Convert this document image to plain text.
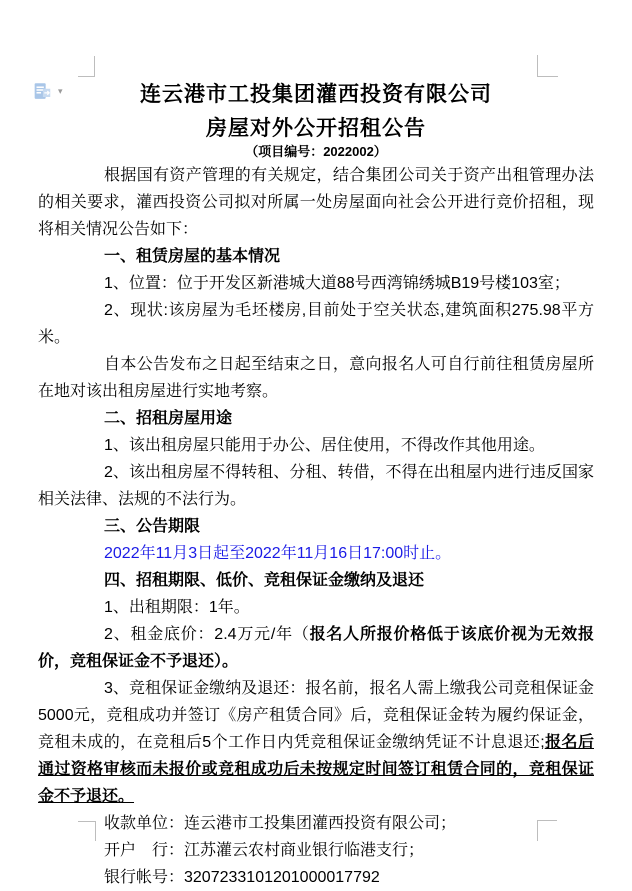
▾	连云港市工投集团灌西投资有限公司
房屋对外公开招租公告
（项目编号：2022002）

根据国有资产管理的有关规定，结合集团公司关于资产出租管理办法的相关要求，灌西投资公司拟对所属一处房屋面向社会公开进行竞价招租，现将相关情况公告如下：

一、租赁房屋的基本情况

1、位置：位于开发区新港城大道88号西湾锦绣城B19号楼103室；

2、现状:该房屋为毛坯楼房,目前处于空关状态,建筑面积275.98平方米。

自本公告发布之日起至结束之日，意向报名人可自行前往租赁房屋所在地对该出租房屋进行实地考察。

二、招租房屋用途

1、该出租房屋只能用于办公、居住使用，不得改作其他用途。

2、该出租房屋不得转租、分租、转借，不得在出租屋内进行违反国家相关法律、法规的不法行为。

三、公告期限

2022年11月3日起至2022年11月16日17:00时止。

四、招租期限、低价、竞租保证金缴纳及退还

1、出租期限：1年。

2、租金底价：2.4万元/年（报名人所报价格低于该底价视为无效报价，竞租保证金不予退还）。

3、竞租保证金缴纳及退还：报名前，报名人需上缴我公司竞租保证金5000元，竞租成功并签订《房产租赁合同》后，竞租保证金转为履约保证金，竞租未成的，在竞租后5个工作日内凭竞租保证金缴纳凭证不计息退还;报名后通过资格审核而未报价或竞租成功后未按规定时间签订租赁合同的，竞租保证金不予退还。

收款单位：连云港市工投集团灌西投资有限公司；

开户　行：江苏灌云农村商业银行临港支行；

银行帐号：3207233101201000017792
